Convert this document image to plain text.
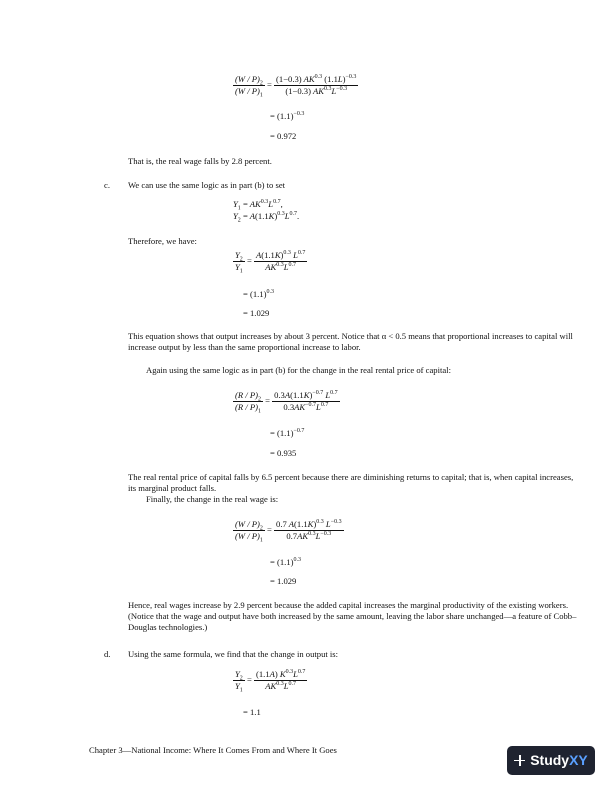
$\frac{(W / P)_2}{(W / P)_1} = \frac{(1-0.3) AK^{0.3} (1.1L)^{-0.3}}{(1-0.3) AK^{0.3}L^{-0.3}}$
= $(1.1)^{-0.3}$
= 0.972
That is, the real wage falls by 2.8 percent.
c. We can use the same logic as in part (b) to set
$Y_1 = AK^{0.3}L^{0.7}$,
$Y_2 = A(1.1K)^{0.3}L^{0.7}$.
Therefore, we have:
$\frac{Y_2}{Y_1} = \frac{A(1.1K)^{0.3} L^{0.7}}{AK^{0.3}L^{0.7}}$
= $(1.1)^{0.3}$
= 1.029
This equation shows that output increases by about 3 percent. Notice that α < 0.5 means that proportional increases to capital will increase output by less than the same proportional increase to labor.
Again using the same logic as in part (b) for the change in the real rental price of capital:
$\frac{(R / P)_2}{(R / P)_1} = \frac{0.3A(1.1K)^{-0.7} L^{0.7}}{0.3AK^{-0.7}L^{0.7}}$
= $(1.1)^{-0.7}$
= 0.935
The real rental price of capital falls by 6.5 percent because there are diminishing returns to capital; that is, when capital increases, its marginal product falls.
Finally, the change in the real wage is:
$\frac{(W / P)_2}{(W / P)_1} = \frac{0.7 A(1.1K)^{0.3} L^{-0.3}}{0.7AK^{0.3}L^{-0.3}}$
= $(1.1)^{0.3}$
= 1.029
Hence, real wages increase by 2.9 percent because the added capital increases the marginal productivity of the existing workers. (Notice that the wage and output have both increased by the same amount, leaving the labor share unchanged—a feature of Cobb–Douglas technologies.)
d. Using the same formula, we find that the change in output is:
$\frac{Y_2}{Y_1} = \frac{(1.1A) K^{0.3}L^{0.7}}{AK^{0.3}L^{0.7}}$
= 1.1
Chapter 3—National Income: Where It Comes From and Where It Goes
StudyXY
